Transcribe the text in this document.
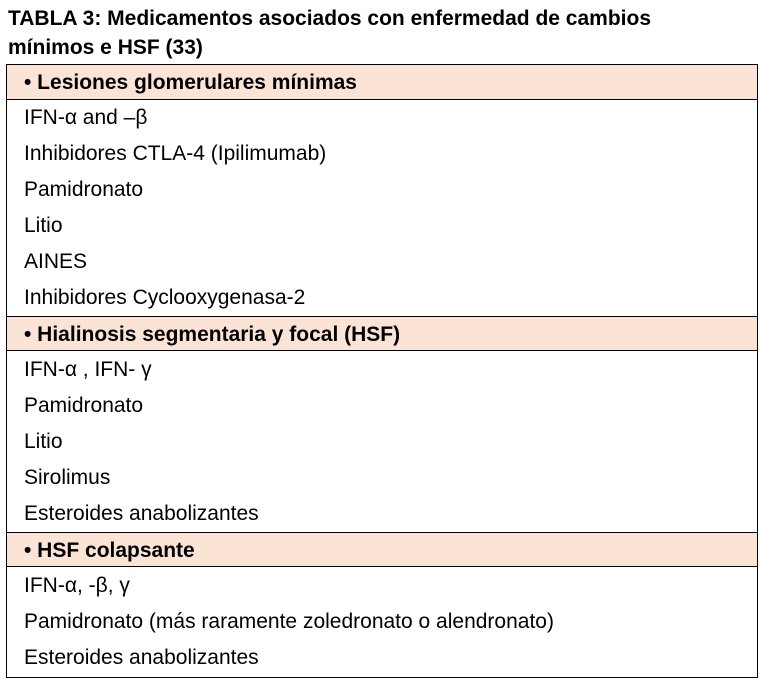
TABLA 3: Medicamentos asociados con enfermedad de cambios
mínimos e HSF (33)
• Lesiones glomerulares mínimas
IFN-α and –β
Inhibidores CTLA-4 (Ipilimumab)
Pamidronato
Litio
AINES
Inhibidores Cyclooxygenasa-2
• Hialinosis segmentaria y focal (HSF)
IFN-α , IFN- γ
Pamidronato
Litio
Sirolimus
Esteroides anabolizantes
• HSF colapsante
IFN-α, -β, γ
Pamidronato (más raramente zoledronato o alendronato)
Esteroides anabolizantes
